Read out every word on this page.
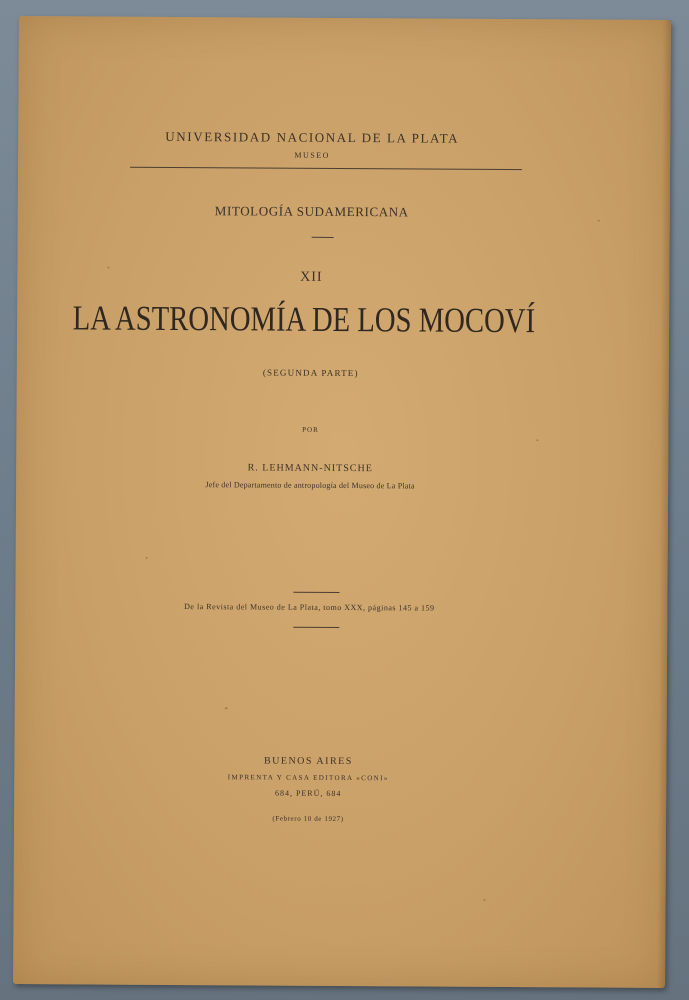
UNIVERSIDAD NACIONAL DE LA PLATA
MUSEO
MITOLOGÍA SUDAMERICANA
XII
LA ASTRONOMÍA DE LOS MOCOVÍ
(SEGUNDA PARTE)
POR
R. LEHMANN-NITSCHE
Jefe del Departamento de antropología del Museo de La Plata
De la Revista del Museo de La Plata, tomo XXX, páginas 145 a 159
BUENOS AIRES
IMPRENTA Y CASA EDITORA «CONI»
684, PERÚ, 684
(Febrero 10 de 1927)
